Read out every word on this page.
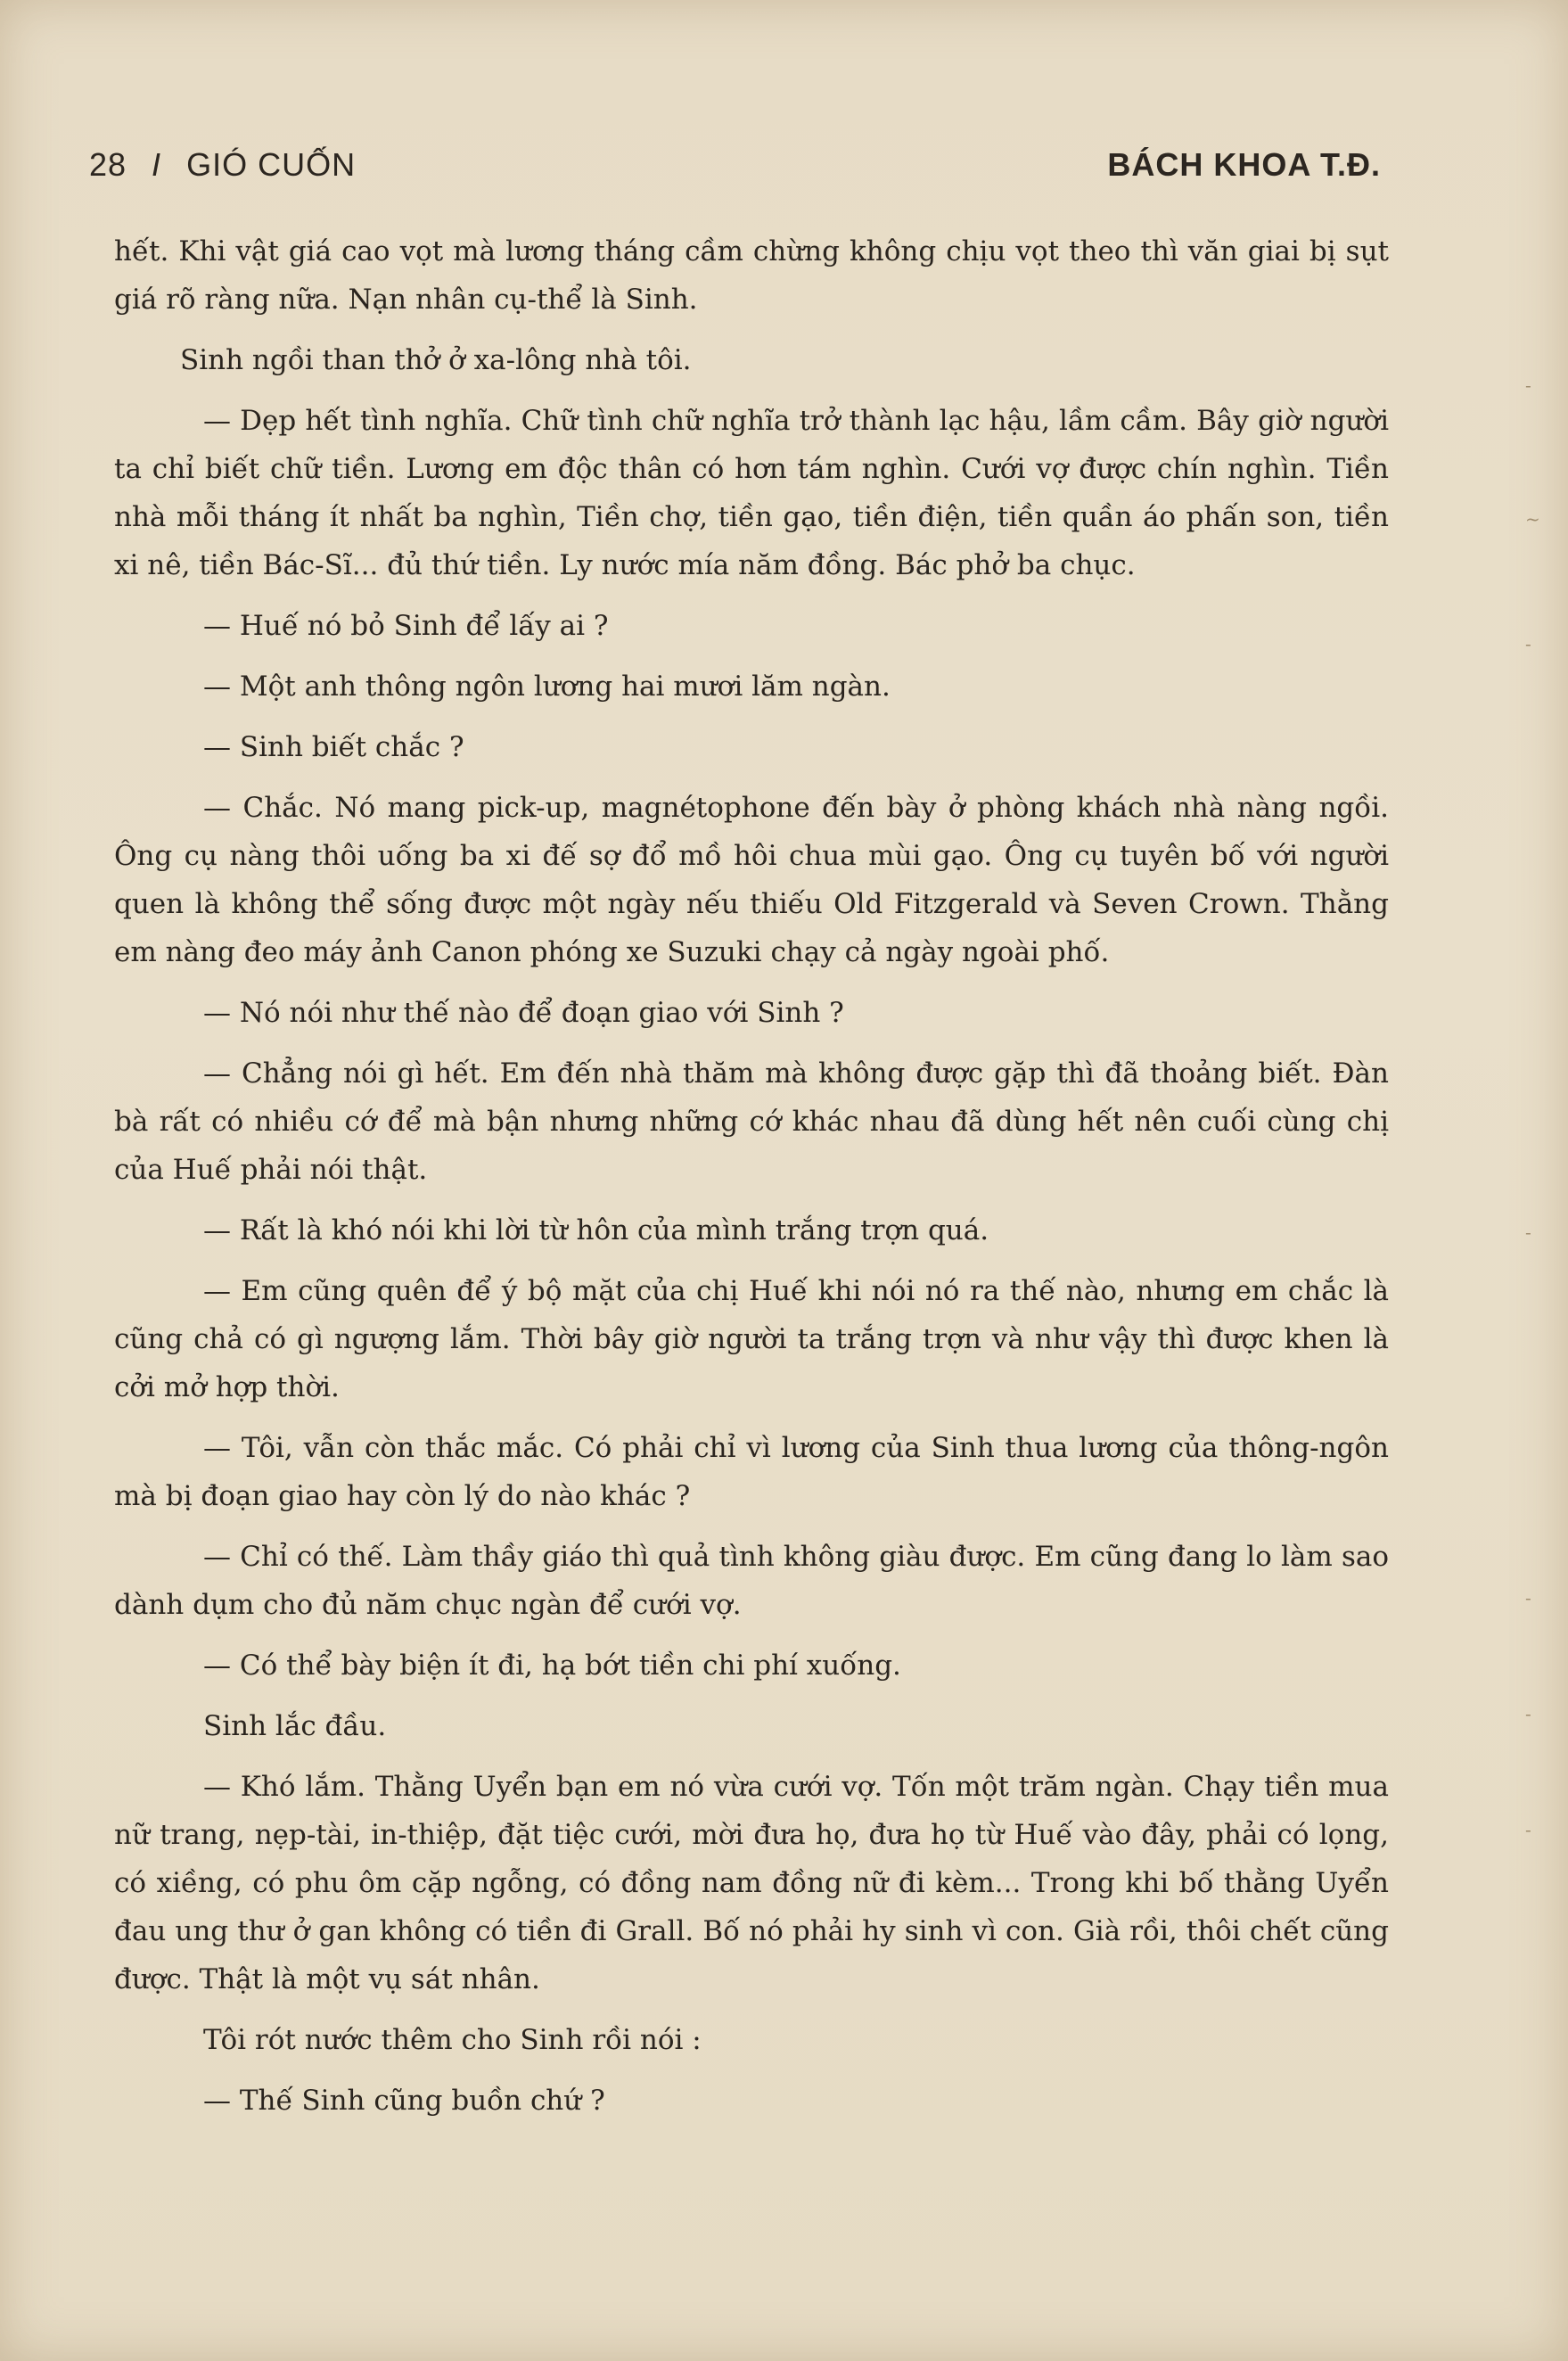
28 I GIÓ CUỐN	BÁCH KHOA T.Đ.

hết. Khi vật giá cao vọt mà lương tháng cầm chừng không chịu vọt theo thì văn giai bị sụt giá rõ ràng nữa. Nạn nhân cụ-thể là Sinh.

Sinh ngồi than thở ở xa-lông nhà tôi.

— Dẹp hết tình nghĩa. Chữ tình chữ nghĩa trở thành lạc hậu, lầm cầm. Bây giờ người ta chỉ biết chữ tiền. Lương em độc thân có hơn tám nghìn. Cưới vợ được chín nghìn. Tiền nhà mỗi tháng ít nhất ba nghìn, Tiền chợ, tiền gạo, tiền điện, tiền quần áo phấn son, tiền xi nê, tiền Bác-Sĩ... đủ thứ tiền. Ly nước mía năm đồng. Bác phở ba chục.

— Huế nó bỏ Sinh để lấy ai ?

— Một anh thông ngôn lương hai mươi lăm ngàn.

— Sinh biết chắc ?

— Chắc. Nó mang pick-up, magnétophone đến bày ở phòng khách nhà nàng ngồi. Ông cụ nàng thôi uống ba xi đế sợ đổ mồ hôi chua mùi gạo. Ông cụ tuyên bố với người quen là không thể sống được một ngày nếu thiếu Old Fitzgerald và Seven Crown. Thằng em nàng đeo máy ảnh Canon phóng xe Suzuki chạy cả ngày ngoài phố.

— Nó nói như thế nào để đoạn giao với Sinh ?

— Chẳng nói gì hết. Em đến nhà thăm mà không được gặp thì đã thoảng biết. Đàn bà rất có nhiều cớ để mà bận nhưng những cớ khác nhau đã dùng hết nên cuối cùng chị của Huế phải nói thật.

— Rất là khó nói khi lời từ hôn của mình trắng trợn quá.

— Em cũng quên để ý bộ mặt của chị Huế khi nói nó ra thế nào, nhưng em chắc là cũng chả có gì ngượng lắm. Thời bây giờ người ta trắng trợn và như vậy thì được khen là cởi mở hợp thời.

— Tôi, vẫn còn thắc mắc. Có phải chỉ vì lương của Sinh thua lương của thông-ngôn mà bị đoạn giao hay còn lý do nào khác ?

— Chỉ có thế. Làm thầy giáo thì quả tình không giàu được. Em cũng đang lo làm sao dành dụm cho đủ năm chục ngàn để cưới vợ.

— Có thể bày biện ít đi, hạ bớt tiền chi phí xuống.

Sinh lắc đầu.

— Khó lắm. Thằng Uyển bạn em nó vừa cưới vợ. Tốn một trăm ngàn. Chạy tiền mua nữ trang, nẹp-tài, in-thiệp, đặt tiệc cưới, mời đưa họ, đưa họ từ Huế vào đây, phải có lọng, có xiềng, có phu ôm cặp ngỗng, có đồng nam đồng nữ đi kèm... Trong khi bố thằng Uyển đau ung thư ở gan không có tiền đi Grall. Bố nó phải hy sinh vì con. Già rồi, thôi chết cũng được. Thật là một vụ sát nhân.

Tôi rót nước thêm cho Sinh rồi nói :

— Thế Sinh cũng buồn chứ ?

-
~
-
-
-
-
-
